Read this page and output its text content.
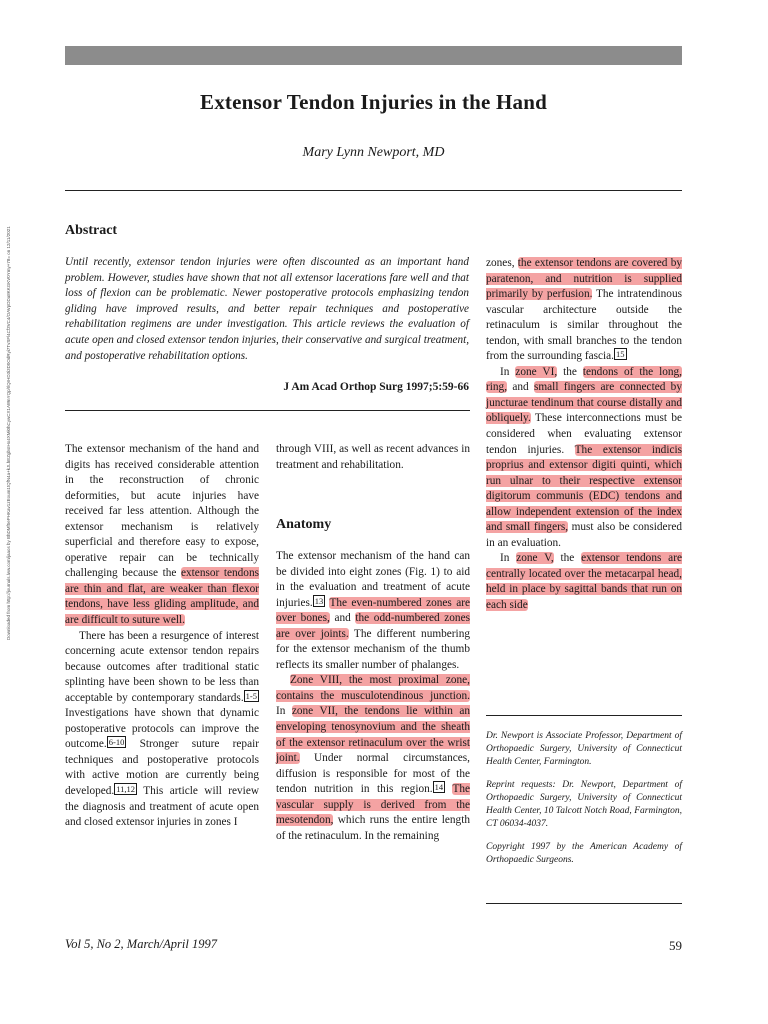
Downloaded from http://journals.lww.com/jaaos by BhDMf5ePHKav1zEoum1tQfN4a+kJLhEZgbsIHo4XMi0hCywCX1AWnYQp/IlQrHD3i3D0OdRyi7TvSFl4Cf3VC4/OAVpDDa8KKGKV0Ymy+78= on 12/11/2021
Extensor Tendon Injuries in the Hand
Mary Lynn Newport, MD
Abstract
Until recently, extensor tendon injuries were often discounted as an important hand problem. However, studies have shown that not all extensor lacerations fare well and that loss of flexion can be problematic. Newer postoperative protocols emphasizing tendon gliding have improved results, and better repair techniques and postoperative rehabilitation regimens are under investigation. This article reviews the evaluation of acute open and closed extensor tendon injuries, their conservative and surgical treatment, and postoperative rehabilitation options.
J Am Acad Orthop Surg 1997;5:59-66

The extensor mechanism of the hand and digits has received considerable attention in the reconstruction of chronic deformities, but acute injuries have received far less attention. Although the extensor mechanism is relatively superficial and therefore easy to expose, operative repair can be technically challenging because the extensor tendons are thin and flat, are weaker than flexor tendons, have less gliding amplitude, and are difficult to suture well.

There has been a resurgence of interest concerning acute extensor tendon repairs because outcomes after traditional static splinting have been shown to be less than acceptable by contemporary standards. 1-5 Investigations have shown that dynamic postoperative protocols can improve the outcome. 6-10 Stronger suture repair techniques and postoperative protocols with active motion are currently being developed. 11,12 This article will review the diagnosis and treatment of acute open and closed extensor injuries in zones I

through VIII, as well as recent advances in treatment and rehabilitation.

Anatomy

The extensor mechanism of the hand can be divided into eight zones (Fig. 1) to aid in the evaluation and treatment of acute injuries. 13 The even-numbered zones are over bones, and the odd-numbered zones are over joints. The different numbering for the extensor mechanism of the thumb reflects its smaller number of phalanges.

Zone VIII, the most proximal zone, contains the musculotendinous junction. In zone VII, the tendons lie within an enveloping tenosynovium and the sheath of the extensor retinaculum over the wrist joint. Under normal circumstances, diffusion is responsible for most of the tendon nutrition in this region. 14 The vascular supply is derived from the mesotendon, which runs the entire length of the retinaculum. In the remaining

zones, the extensor tendons are covered by paratenon, and nutrition is supplied primarily by perfusion. The intratendinous vascular architecture outside the retinaculum is similar throughout the tendon, with small branches to the tendon from the surrounding fascia. 15

In zone VI, the tendons of the long, ring, and small fingers are connected by juncturae tendinum that course distally and obliquely. These interconnections must be considered when evaluating extensor tendon injuries. The extensor indicis proprius and extensor digiti quinti, which run ulnar to their respective extensor digitorum communis (EDC) tendons and allow independent extension of the index and small fingers, must also be considered in an evaluation.

In zone V, the extensor tendons are centrally located over the metacarpal head, held in place by sagittal bands that run on each side

Dr. Newport is Associate Professor, Department of Orthopaedic Surgery, University of Connecticut Health Center, Farmington.

Reprint requests: Dr. Newport, Department of Orthopaedic Surgery, University of Connecticut Health Center, 10 Talcott Notch Road, Farmington, CT 06034-4037.

Copyright 1997 by the American Academy of Orthopaedic Surgeons.

Vol 5, No 2, March/April 1997	59
